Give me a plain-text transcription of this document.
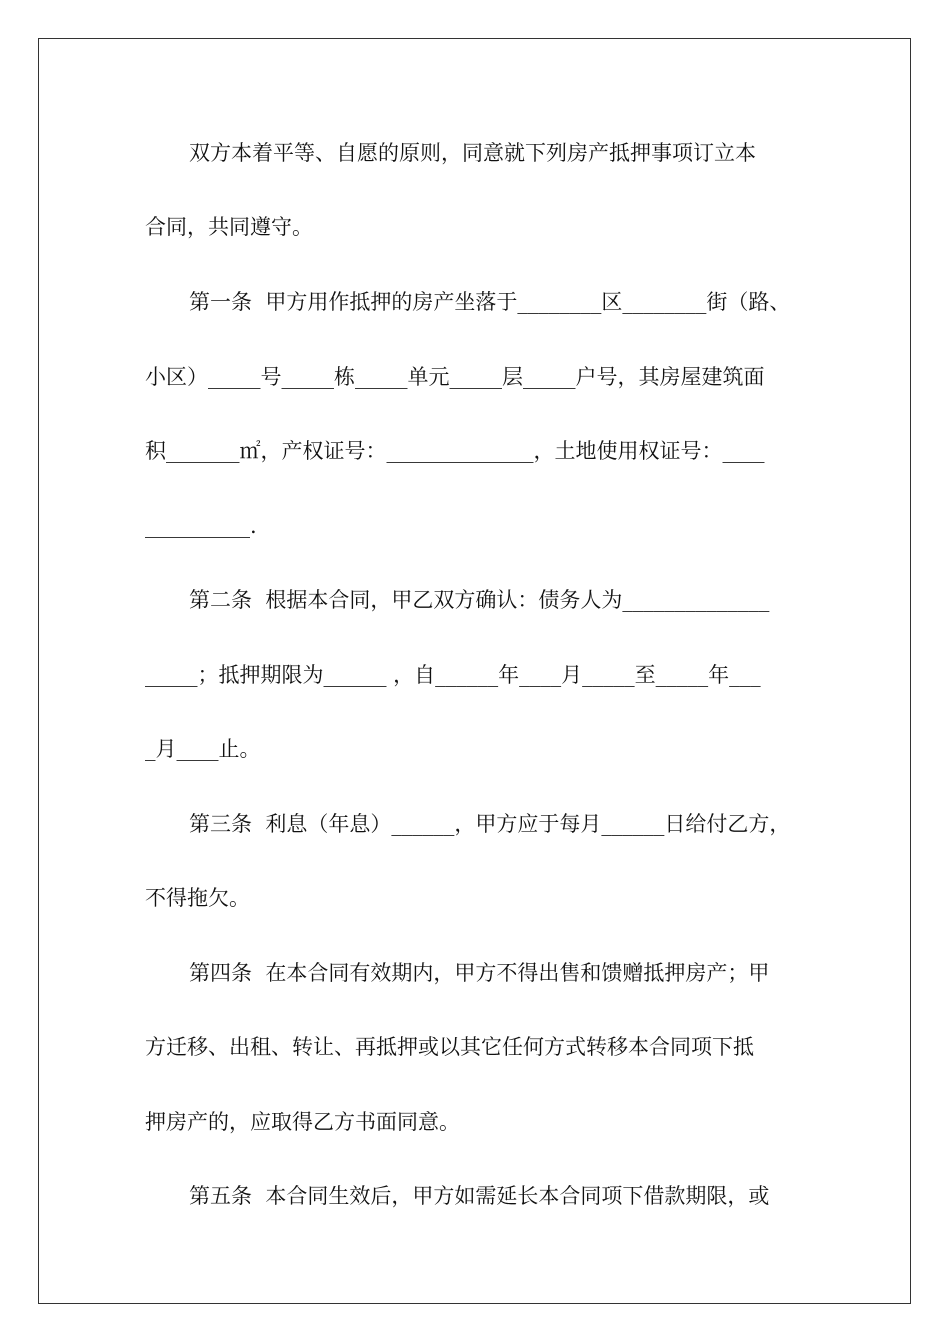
双方本着平等、自愿的原则，同意就下列房产抵押事项订立本
合同，共同遵守。
第一条  甲方用作抵押的房产坐落于________区________街（路、
小区）_____号_____栋_____单元_____层_____户号，其房屋建筑面
积_______㎡，产权证号：______________，土地使用权证号：____
__________.
第二条  根据本合同，甲乙双方确认：债务人为______________
_____；抵押期限为______ ，自______年____月_____至_____年___
_月____止。
第三条  利息（年息）______，甲方应于每月______日给付乙方，
不得拖欠。
第四条  在本合同有效期内，甲方不得出售和馈赠抵押房产；甲
方迁移、出租、转让、再抵押或以其它任何方式转移本合同项下抵
押房产的，应取得乙方书面同意。
第五条  本合同生效后，甲方如需延长本合同项下借款期限，或
